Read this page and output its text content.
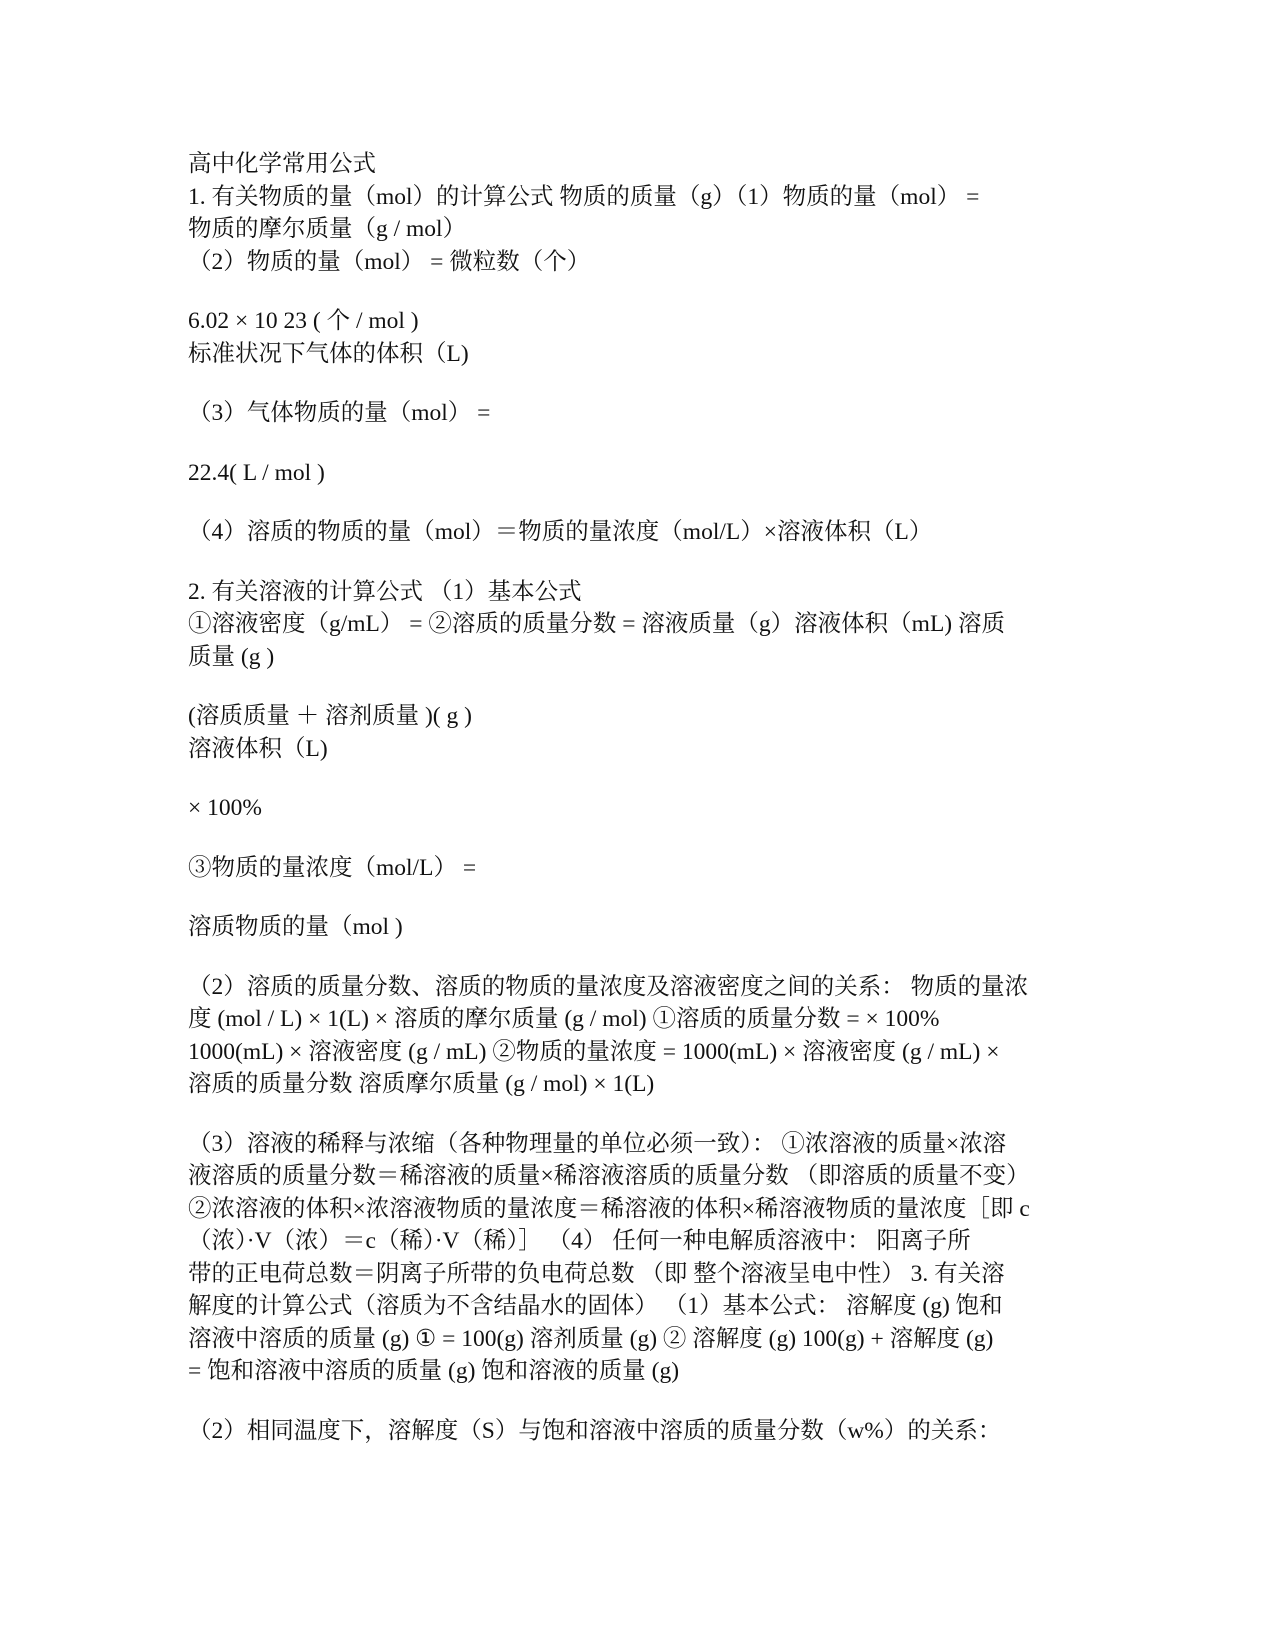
高中化学常用公式
1. 有关物质的量（mol）的计算公式 物质的质量（g）（1）物质的量（mol） =
物质的摩尔质量（g / mol）
（2）物质的量（mol） = 微粒数（个）
6.02 × 10 23 ( 个 / mol )
标准状况下气体的体积（L)
（3）气体物质的量（mol） =
22.4( L / mol )
（4）溶质的物质的量（mol）＝物质的量浓度（mol/L）×溶液体积（L）
2. 有关溶液的计算公式 （1）基本公式
①溶液密度（g/mL） = ②溶质的质量分数 = 溶液质量（g）溶液体积（mL) 溶质
质量 (g )
(溶质质量 ＋ 溶剂质量 )( g )
溶液体积（L)
× 100%
③物质的量浓度（mol/L） =
溶质物质的量（mol )
（2）溶质的质量分数、溶质的物质的量浓度及溶液密度之间的关系： 物质的量浓
度 (mol / L) × 1(L) × 溶质的摩尔质量 (g / mol) ①溶质的质量分数 = × 100%
1000(mL) × 溶液密度 (g / mL) ②物质的量浓度 = 1000(mL) × 溶液密度 (g / mL) ×
溶质的质量分数 溶质摩尔质量 (g / mol) × 1(L)
（3）溶液的稀释与浓缩（各种物理量的单位必须一致）： ①浓溶液的质量×浓溶
液溶质的质量分数＝稀溶液的质量×稀溶液溶质的质量分数 （即溶质的质量不变）
②浓溶液的体积×浓溶液物质的量浓度＝稀溶液的体积×稀溶液物质的量浓度［即 c
（浓）·V（浓）＝c（稀）·V（稀）］ （4） 任何一种电解质溶液中： 阳离子所
带的正电荷总数＝阴离子所带的负电荷总数 （即 整个溶液呈电中性） 3. 有关溶
解度的计算公式（溶质为不含结晶水的固体） （1）基本公式： 溶解度 (g) 饱和
溶液中溶质的质量 (g) ① = 100(g) 溶剂质量 (g) ② 溶解度 (g) 100(g) + 溶解度 (g)
= 饱和溶液中溶质的质量 (g) 饱和溶液的质量 (g)
（2）相同温度下，溶解度（S）与饱和溶液中溶质的质量分数（w%）的关系：
